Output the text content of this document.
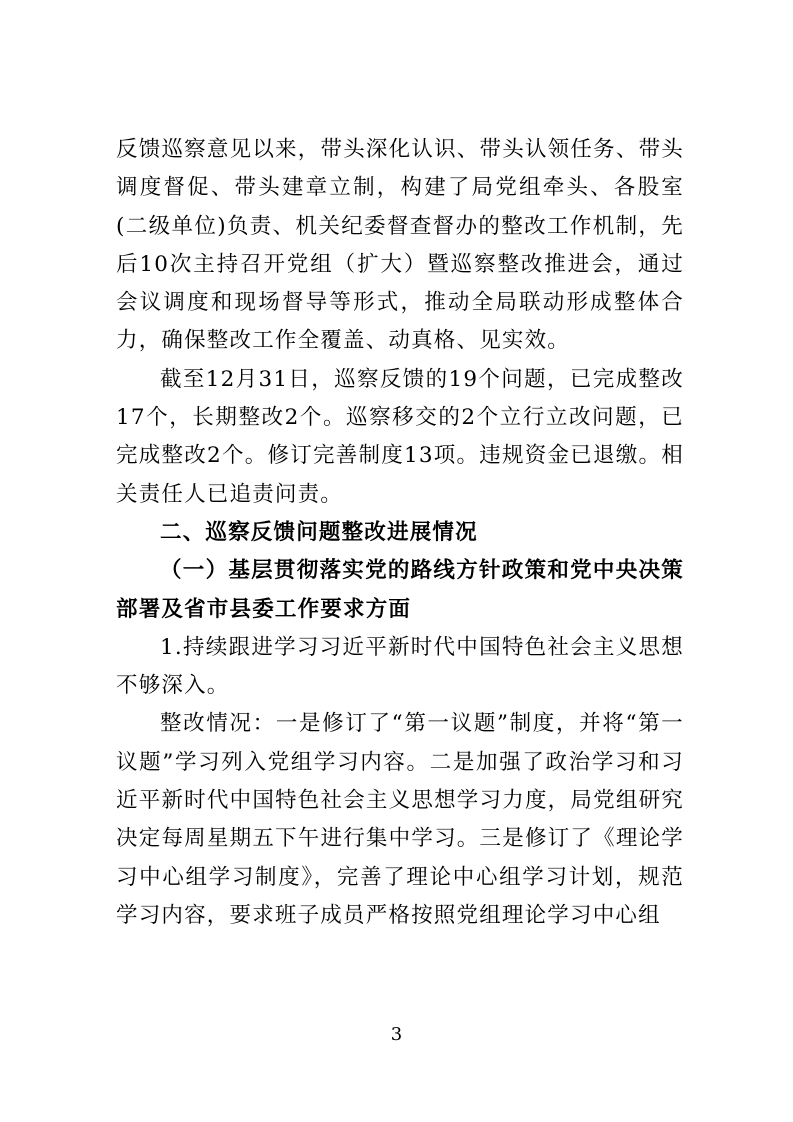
反馈巡察意见以来，带头深化认识、带头认领任务、带头调度督促、带头建章立制，构建了局党组牵头、各股室(二级单位)负责、机关纪委督查督办的整改工作机制，先后10次主持召开党组（扩大）暨巡察整改推进会，通过会议调度和现场督导等形式，推动全局联动形成整体合力，确保整改工作全覆盖、动真格、见实效。

截至12月31日，巡察反馈的19个问题，已完成整改17个，长期整改2个。巡察移交的2个立行立改问题，已完成整改2个。修订完善制度13项。违规资金已退缴。相关责任人已追责问责。

二、巡察反馈问题整改进展情况

（一）基层贯彻落实党的路线方针政策和党中央决策部署及省市县委工作要求方面

1.持续跟进学习习近平新时代中国特色社会主义思想不够深入。

整改情况：一是修订了“第一议题”制度，并将“第一议题”学习列入党组学习内容。二是加强了政治学习和习近平新时代中国特色社会主义思想学习力度，局党组研究决定每周星期五下午进行集中学习。三是修订了《理论学习中心组学习制度》，完善了理论中心组学习计划，规范学习内容，要求班子成员严格按照党组理论学习中心组

3
